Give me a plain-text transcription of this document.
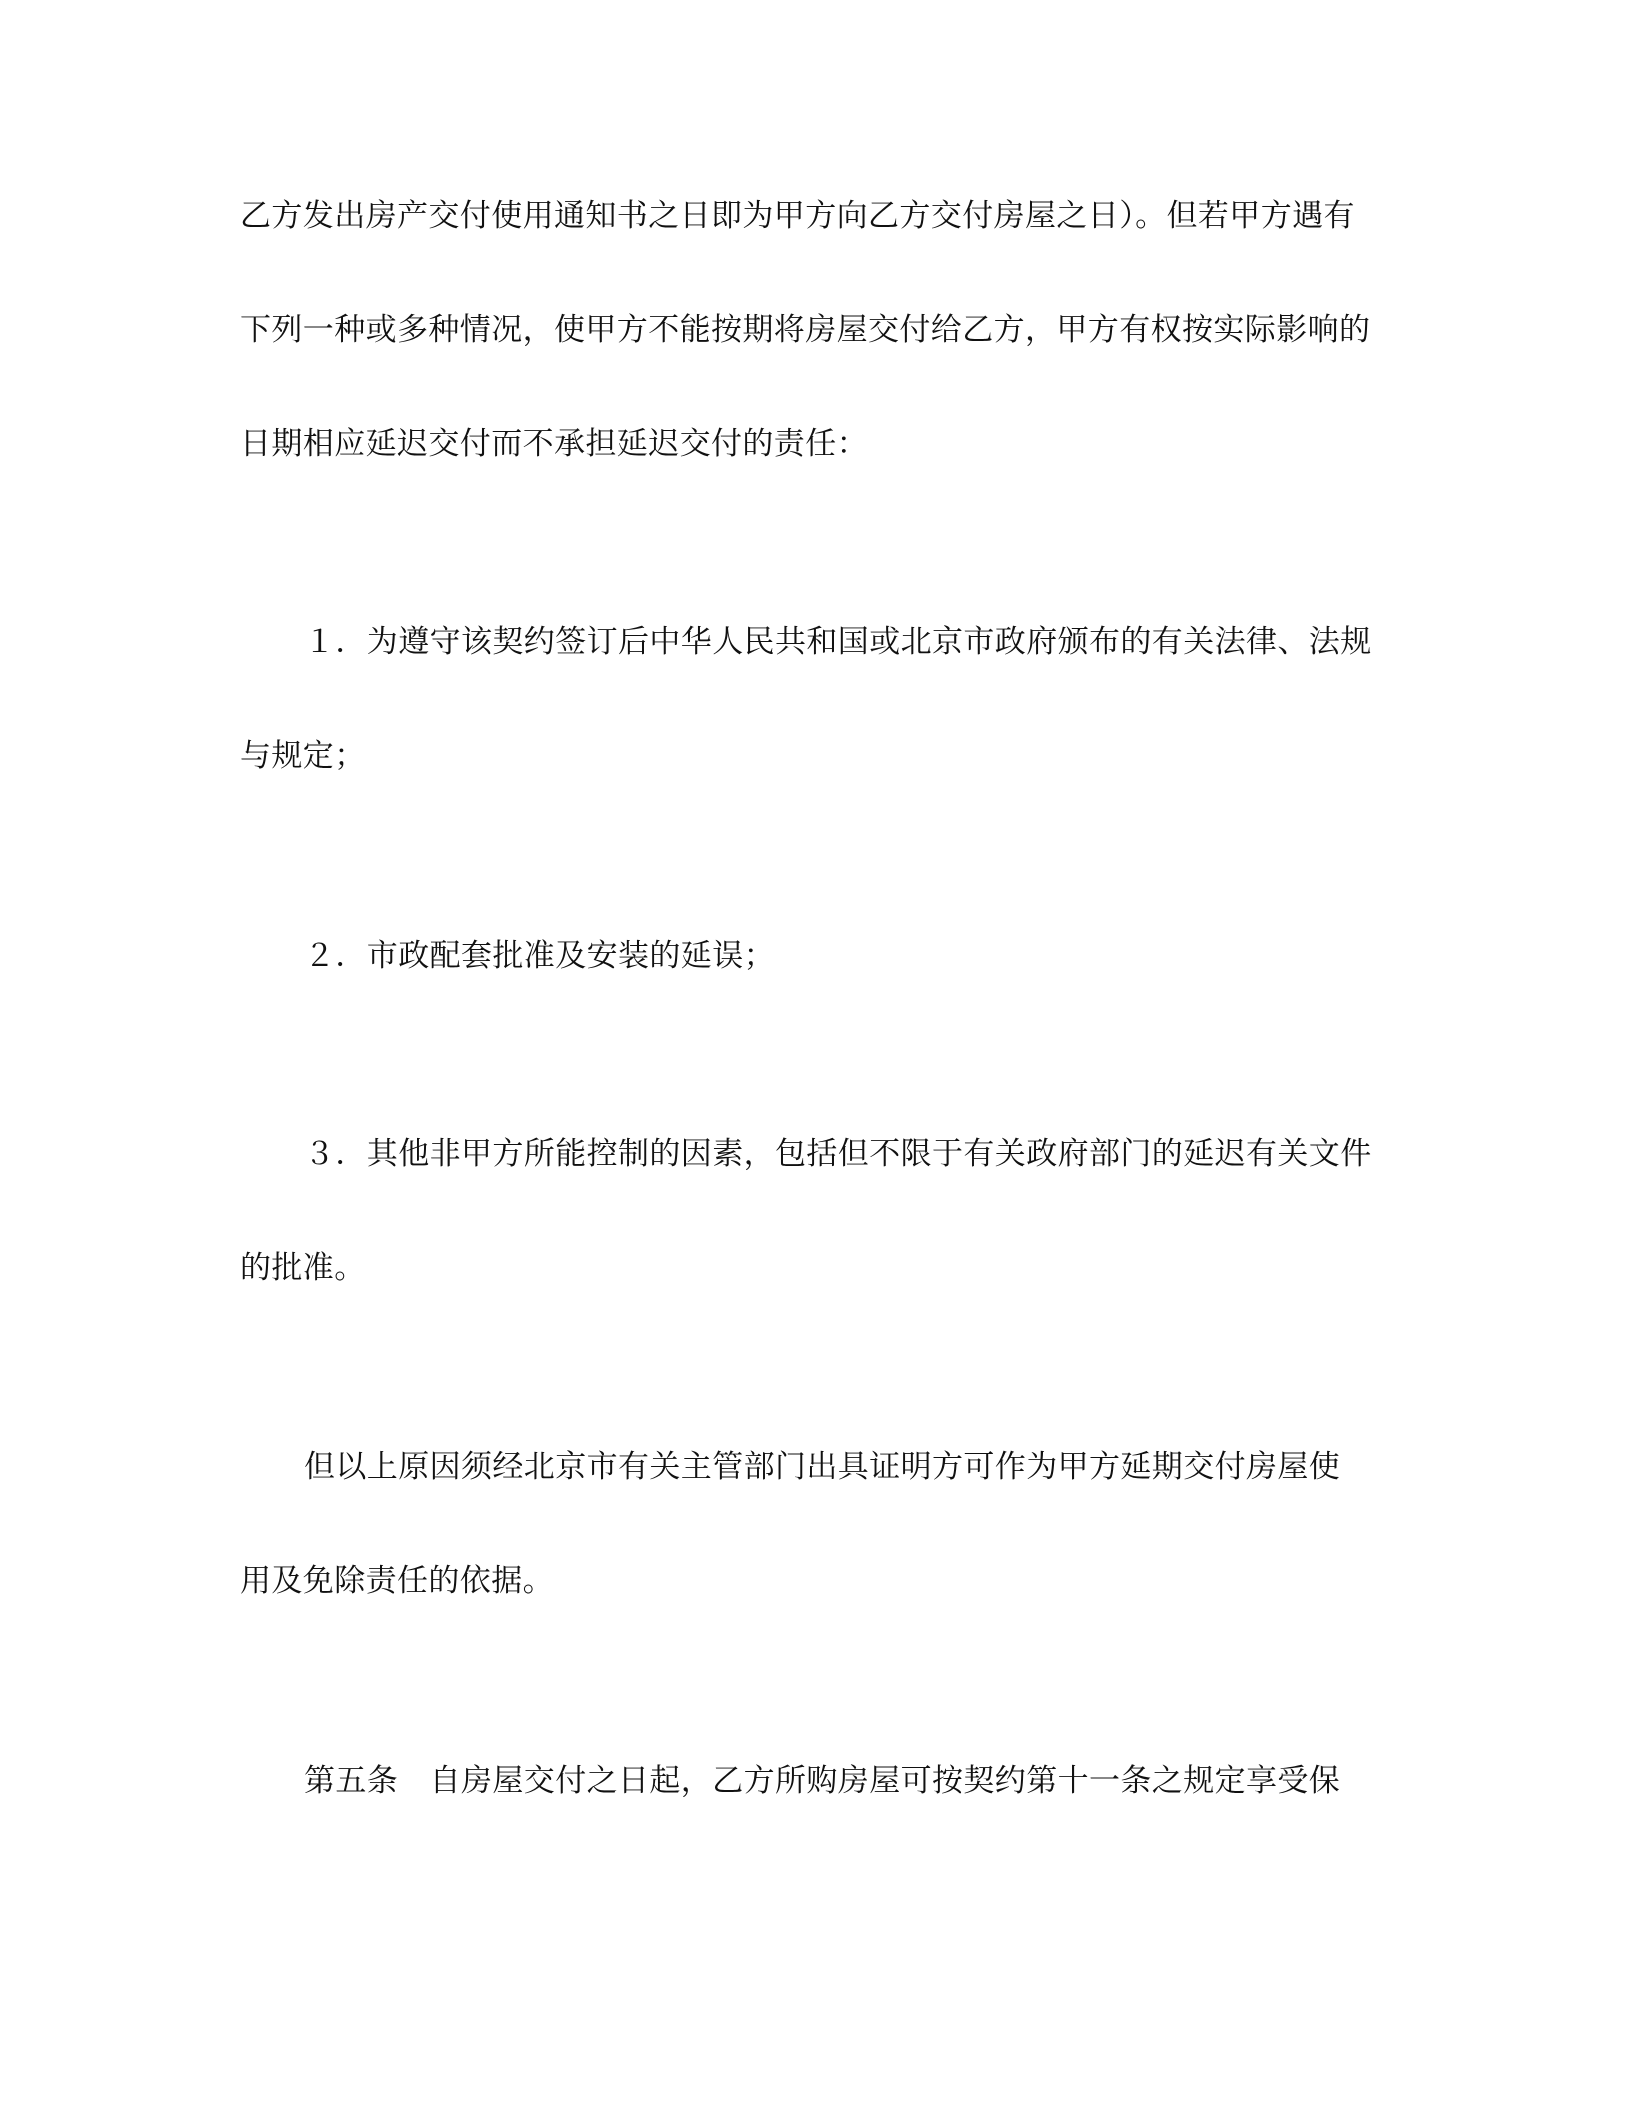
乙方发出房产交付使用通知书之日即为甲方向乙方交付房屋之日）。但若甲方遇有
下列一种或多种情况，使甲方不能按期将房屋交付给乙方，甲方有权按实际影响的
日期相应延迟交付而不承担延迟交付的责任：
１．为遵守该契约签订后中华人民共和国或北京市政府颁布的有关法律、法规
与规定；
２．市政配套批准及安装的延误；
３．其他非甲方所能控制的因素，包括但不限于有关政府部门的延迟有关文件
的批准。
但以上原因须经北京市有关主管部门出具证明方可作为甲方延期交付房屋使
用及免除责任的依据。
第五条　自房屋交付之日起，乙方所购房屋可按契约第十一条之规定享受保
